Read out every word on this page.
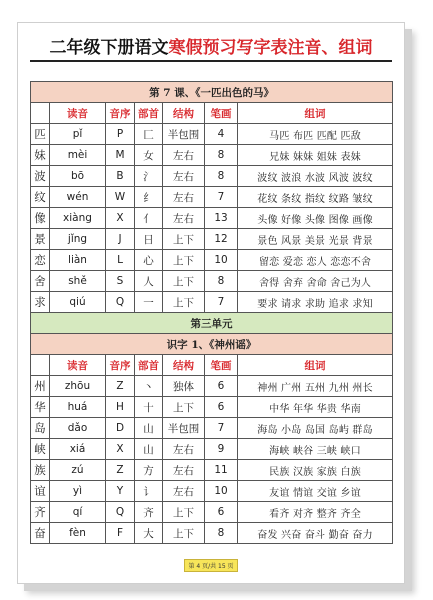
二年级下册语文寒假预习写字表注音、组词
第 7 课、《一匹出色的马》						
	读音	音序	部首	结构	笔画	组词
匹	pǐ	P	匚	半包围	4	马匹 布匹 匹配 匹敌
妹	mèi	M	女	左右	8	兄妹 妹妹 姐妹 表妹
波	bō	B	氵	左右	8	波纹 波浪 水波 风波 波纹
纹	wén	W	纟	左右	7	花纹 条纹 指纹 纹路 皱纹
像	xiàng	X	亻	左右	13	头像 好像 头像 图像 画像
景	jǐng	J	日	上下	12	景色 风景 美景 光景 背景
恋	liàn	L	心	上下	10	留恋 爱恋 恋人 恋恋不舍
舍	shě	S	人	上下	8	舍得 舍弃 舍命 舍己为人
求	qiú	Q	一	上下	7	要求 请求 求助 追求 求知
第三单元						
识字 1、《神州谣》						
	读音	音序	部首	结构	笔画	组词
州	zhōu	Z	丶	独体	6	神州 广州 五州 九州 州长
华	huá	H	十	上下	6	中华 年华 华贵 华南
岛	dǎo	D	山	半包围	7	海岛 小岛 岛国 岛屿 群岛
峡	xiá	X	山	左右	9	海峡 峡谷 三峡 峡口
族	zú	Z	方	左右	11	民族 汉族 家族 白族
谊	yì	Y	讠	左右	10	友谊 情谊 交谊 乡谊
齐	qí	Q	齐	上下	6	看齐 对齐 整齐 齐全
奋	fèn	F	大	上下	8	奋发 兴奋 奋斗 勤奋 奋力
第 4 页/共 15 页
